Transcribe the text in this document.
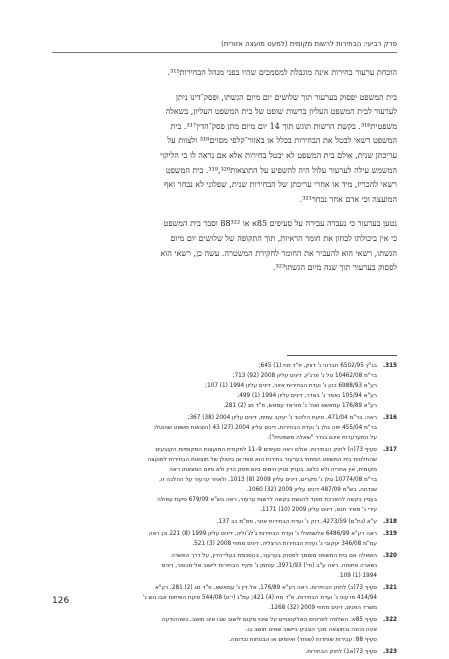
פרק רביעי: הבחירות לרשות מקומית (למעט מועצה אזורית)

הוכחת ערעור בחירות אינה מוגבלת למסמכים שהיו בפני מנהל הבחירות³¹⁵.

בית המשפט יפסוק בערעור תוך שלושים יום מיום הגשתו, ופסק־דינו ניתן
לערעור לבית המשפט העליון ברשות שופט של בית המשפט העליון, בשאלה
משפטית³¹⁶. בקשת הרשות תוגש תוך 14 יום מיום מתן פסק־הדין³¹⁷. בית
המשפט רשאי לבטל את הבחירות בכלל או באזור־קלפי מסוים³¹⁸ ולצוות על
עריכתן שנית, אולם בית המשפט לא יבטל בחירות אלא אם נראה לו כי הליקוי
המשמש עילה לערעור עלול היה להשפיע על התוצאות³¹⁹,³²⁰. בית המשפט
רשאי להכריז, מיד או אחרי עריכתן של הבחירות שנית, שפלוני לא נבחר ואף
המועצה וכי אדם אחר נבחר³²¹.

נטען בערעור כי נעברה עבירה על סעיפים 85א או 88³²² וסבר בית המשפט
כי אין ביכולתו לבחון את חומר הראיות, תוך התקופה של שלושים יום מיום
הגשתו, רשאי הוא להעביר את החומר לחקירת המשטרה. עשה כן, רשאי הוא
לפסוק בערעור תוך שנה מיום הגשתו³²³.

315.בג"ץ 6502/95 חברוני נ' דווק, פ"ד מח (1) 645;
בר"מ 10462/08 טל נ' פרג'ין, דינים עליון 2008 (92) 713;
רע"א 6988/93 כהן נ' ועדת הבחירות אזור, דינים עליון 1994 (1) 107;
רע"א 105/94 נאסר נ' באדר, דינים עליון 1994 (1) 499;
רע"א 176/89 עמאשא ואח' נ' מוראד עמאש, פ"ד מג (2) 281.
316.ראה: בר"מ 471/04, סיעת הליכוד נ' יעקב עמית, דינים עליון 2004 (38) 367;
בר"מ 455/04 יפה גולן נ' ועדת הבחירות, דינים עליון 2004 (27) 43 (הוצאות משפט שהוטלו
על המערערות אינם בגדר "שאלה משפטית").
317.סעיף 73(ה) לחוק הבחירות. אולם ראה סעיפים 9–11 לפקודת המועצות המקומיות הקובעים
שהחלטות בית המשפט המחוזי בערעור בחירות הוא סופי או ביטולן של תוצאות הבחירות למועצה
מקומית, אין אחריה ולא כלום. בעניין מניין הימים ביום פסק הדין ולא מיום המצאתו ראה
בר"מ 10774/08 גולן נ' מקרים, דינים עליון 2009 (8) 1013. ולאחר ערעור על ההלכה זו,
שנדחה, בש"מ 487/09 דינים עליון 2009 (32) 1060.
בעניין בקשה להארכת מועד להגשת בקשה לרשות ערעור, ראה בש"א 679/09 סיעת עפולה
עירי נ' מאיר חגא, דינים עליון 2009 (10) 1171.
318.ע"א (נח"ם) 4273/59, דוק נ' ועדת הבחירות אזור, פס"מ כב 137.
319.ראה רע"א 6486/99 אלשמאלי נ' ועדת הבחירות ג'לג'וליה, דינים עליון 1999 (8) 221 וכן ראה
עמ"מ 346/08 יעקובי נ' ועדת הבחירות הרצליה, דינים מחוזי 2008 (3) 521.
320.השאלה אם בית המשפט מוסמך לפסוק בערעור, בהסכמת בעלי־הדין, על דרך הפשרה
נשארה פתוחה. ראה ע"ב (חי') 3971/93, עותמן נ' פקיד הבחירות לישוב אל־מכסור, דינים
1994 (1) 109.
321.סעיף 73(ב) לחוק הבחירות. ראה רע"א 176/89, אל דין נ' עמאשא, פ"ד מג (2) 281; רע"א
414/94 פרעוני נ' ועדת הבחירות, פ"ד מח (4) 421; עמ"נ (י־ם) 544/08 סיעת הפיתוח אבו גוש נ'
משרד הפנים, דינים מחוזי 2009 (32) 1268.
322.סעיף 85א: השלמה לפרטים האלקטוניים על שינוי מקום לישוב שבו אינו תושב, כשההודעה
אינה נכונה ובתוצאה מכך הצביע ביישוב שאינו תושב בו.
סעיף 88: עבירות שוחדות (שוחד) ואיומים או הבטחות ובדומה.
323.סעיף 73(א1) לחוק הבחירות.
126
